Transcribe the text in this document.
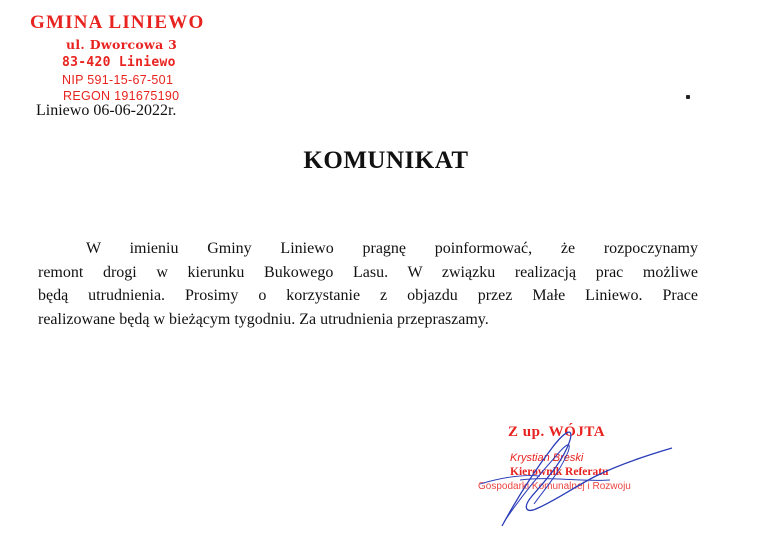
GMINA LINIEWO
ul. Dworcowa 3
83-420 Liniewo
NIP 591-15-67-501
REGON 191675190
Liniewo 06-06-2022r.
KOMUNIKAT
W imieniu Gminy Liniewo pragnę poinformować, że rozpoczynamy
remont drogi w kierunku Bukowego Lasu. W związku realizacją prac możliwe
będą utrudnienia. Prosimy o korzystanie z objazdu przez Małe Liniewo. Prace
realizowane będą w bieżącym tygodniu. Za utrudnienia przepraszamy.
Z up. WÓJTA
Krystian Breski
Kierownik Referatu
Gospodarki Komunalnej i Rozwoju
